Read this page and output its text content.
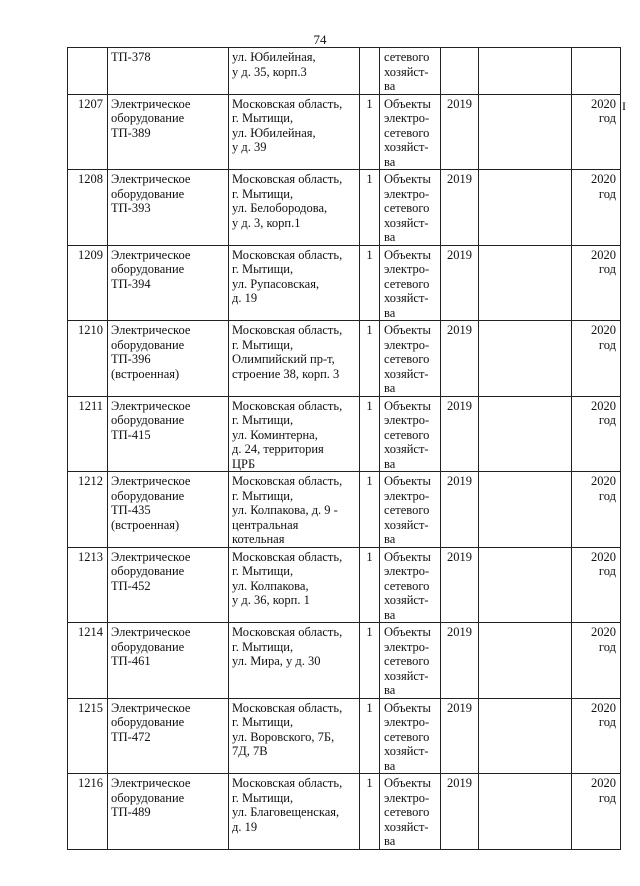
74
I

	ТП-378	ул. Юбилейная,
у д. 35, корп.3		сетевого
хозяйст-
ва			

1207	Электрическое
оборудование
ТП-389	Московская область,
г. Мытищи,
ул. Юбилейная,
у д. 39	1	Объекты
электро-
сетевого
хозяйст-
ва	2019		2020
год

1208	Электрическое
оборудование
ТП-393	Московская область,
г. Мытищи,
ул. Белобородова,
у д. 3, корп.1	1	Объекты
электро-
сетевого
хозяйст-
ва	2019		2020
год

1209	Электрическое
оборудование
ТП-394	Московская область,
г. Мытищи,
ул. Рупасовская,
д. 19	1	Объекты
электро-
сетевого
хозяйст-
ва	2019		2020
год

1210	Электрическое
оборудование
ТП-396
(встроенная)	Московская область,
г. Мытищи,
Олимпийский пр-т,
строение 38, корп. 3	1	Объекты
электро-
сетевого
хозяйст-
ва	2019		2020
год

1211	Электрическое
оборудование
ТП-415	Московская область,
г. Мытищи,
ул. Коминтерна,
д. 24, территория
ЦРБ	1	Объекты
электро-
сетевого
хозяйст-
ва	2019		2020
год

1212	Электрическое
оборудование
ТП-435
(встроенная)	Московская область,
г. Мытищи,
ул. Колпакова, д. 9 -
центральная
котельная	1	Объекты
электро-
сетевого
хозяйст-
ва	2019		2020
год

1213	Электрическое
оборудование
ТП-452	Московская область,
г. Мытищи,
ул. Колпакова,
у д. 36, корп. 1	1	Объекты
электро-
сетевого
хозяйст-
ва	2019		2020
год

1214	Электрическое
оборудование
ТП-461	Московская область,
г. Мытищи,
ул. Мира, у д. 30	1	Объекты
электро-
сетевого
хозяйст-
ва	2019		2020
год

1215	Электрическое
оборудование
ТП-472	Московская область,
г. Мытищи,
ул. Воровского, 7Б,
7Д, 7В	1	Объекты
электро-
сетевого
хозяйст-
ва	2019		2020
год

1216	Электрическое
оборудование
ТП-489	Московская область,
г. Мытищи,
ул. Благовещенская,
д. 19	1	Объекты
электро-
сетевого
хозяйст-
ва	2019		2020
год
